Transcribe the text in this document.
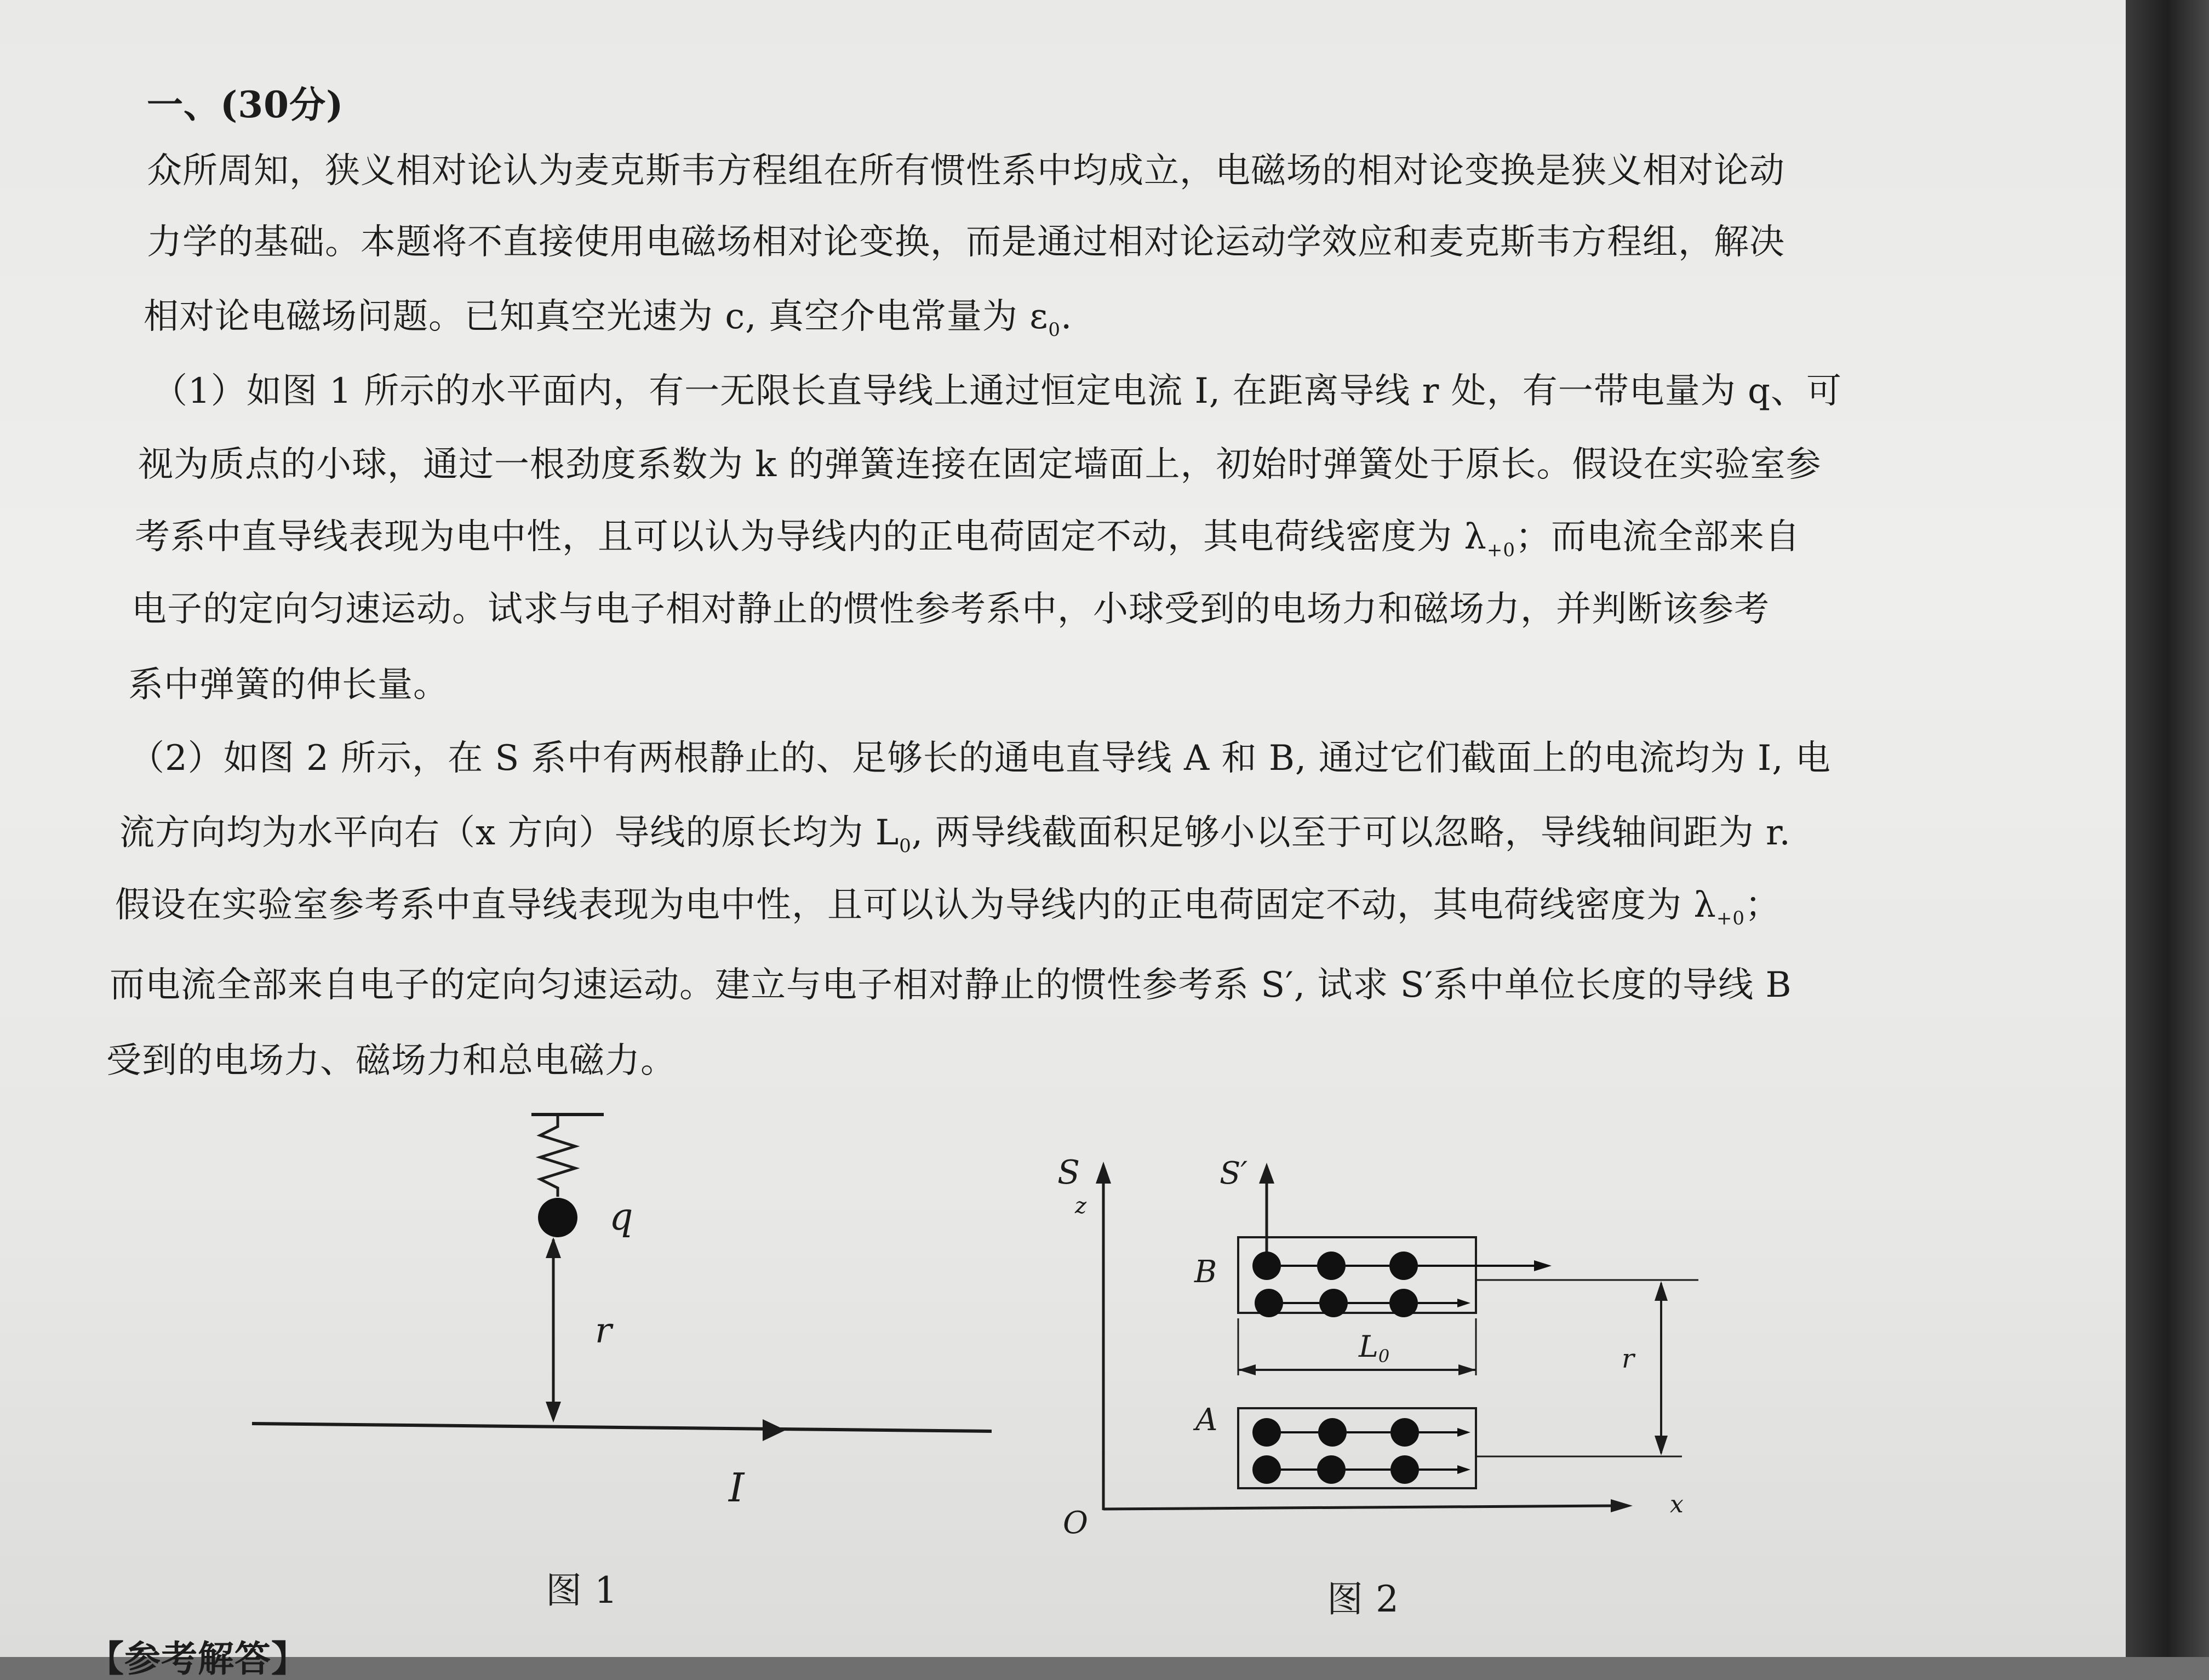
一、(30分)
众所周知，狭义相对论认为麦克斯韦方程组在所有惯性系中均成立，电磁场的相对论变换是狭义相对论动
力学的基础。本题将不直接使用电磁场相对论变换，而是通过相对论运动学效应和麦克斯韦方程组，解决
相对论电磁场问题。已知真空光速为 c, 真空介电常量为 $\varepsilon_0$.
（1）如图 1 所示的水平面内，有一无限长直导线上通过恒定电流 I, 在距离导线 r 处，有一带电量为 q、可
视为质点的小球，通过一根劲度系数为 k 的弹簧连接在固定墙面上，初始时弹簧处于原长。假设在实验室参
考系中直导线表现为电中性，且可以认为导线内的正电荷固定不动，其电荷线密度为 $\lambda_{+0}$；而电流全部来自
电子的定向匀速运动。试求与电子相对静止的惯性参考系中，小球受到的电场力和磁场力，并判断该参考
系中弹簧的伸长量。
（2）如图 2 所示，在 S 系中有两根静止的、足够长的通电直导线 A 和 B, 通过它们截面上的电流均为 I, 电
流方向均为水平向右（x 方向）导线的原长均为 $L_0$, 两导线截面积足够小以至于可以忽略，导线轴间距为 r.
假设在实验室参考系中直导线表现为电中性，且可以认为导线内的正电荷固定不动，其电荷线密度为 $\lambda_{+0}$；
而电流全部来自电子的定向匀速运动。建立与电子相对静止的惯性参考系 S′, 试求 S′系中单位长度的导线 B
受到的电场力、磁场力和总电磁力。
q
r
I
图 1
S
z
x
O
S′
B
L0
A
r
图 2
【参考解答】
